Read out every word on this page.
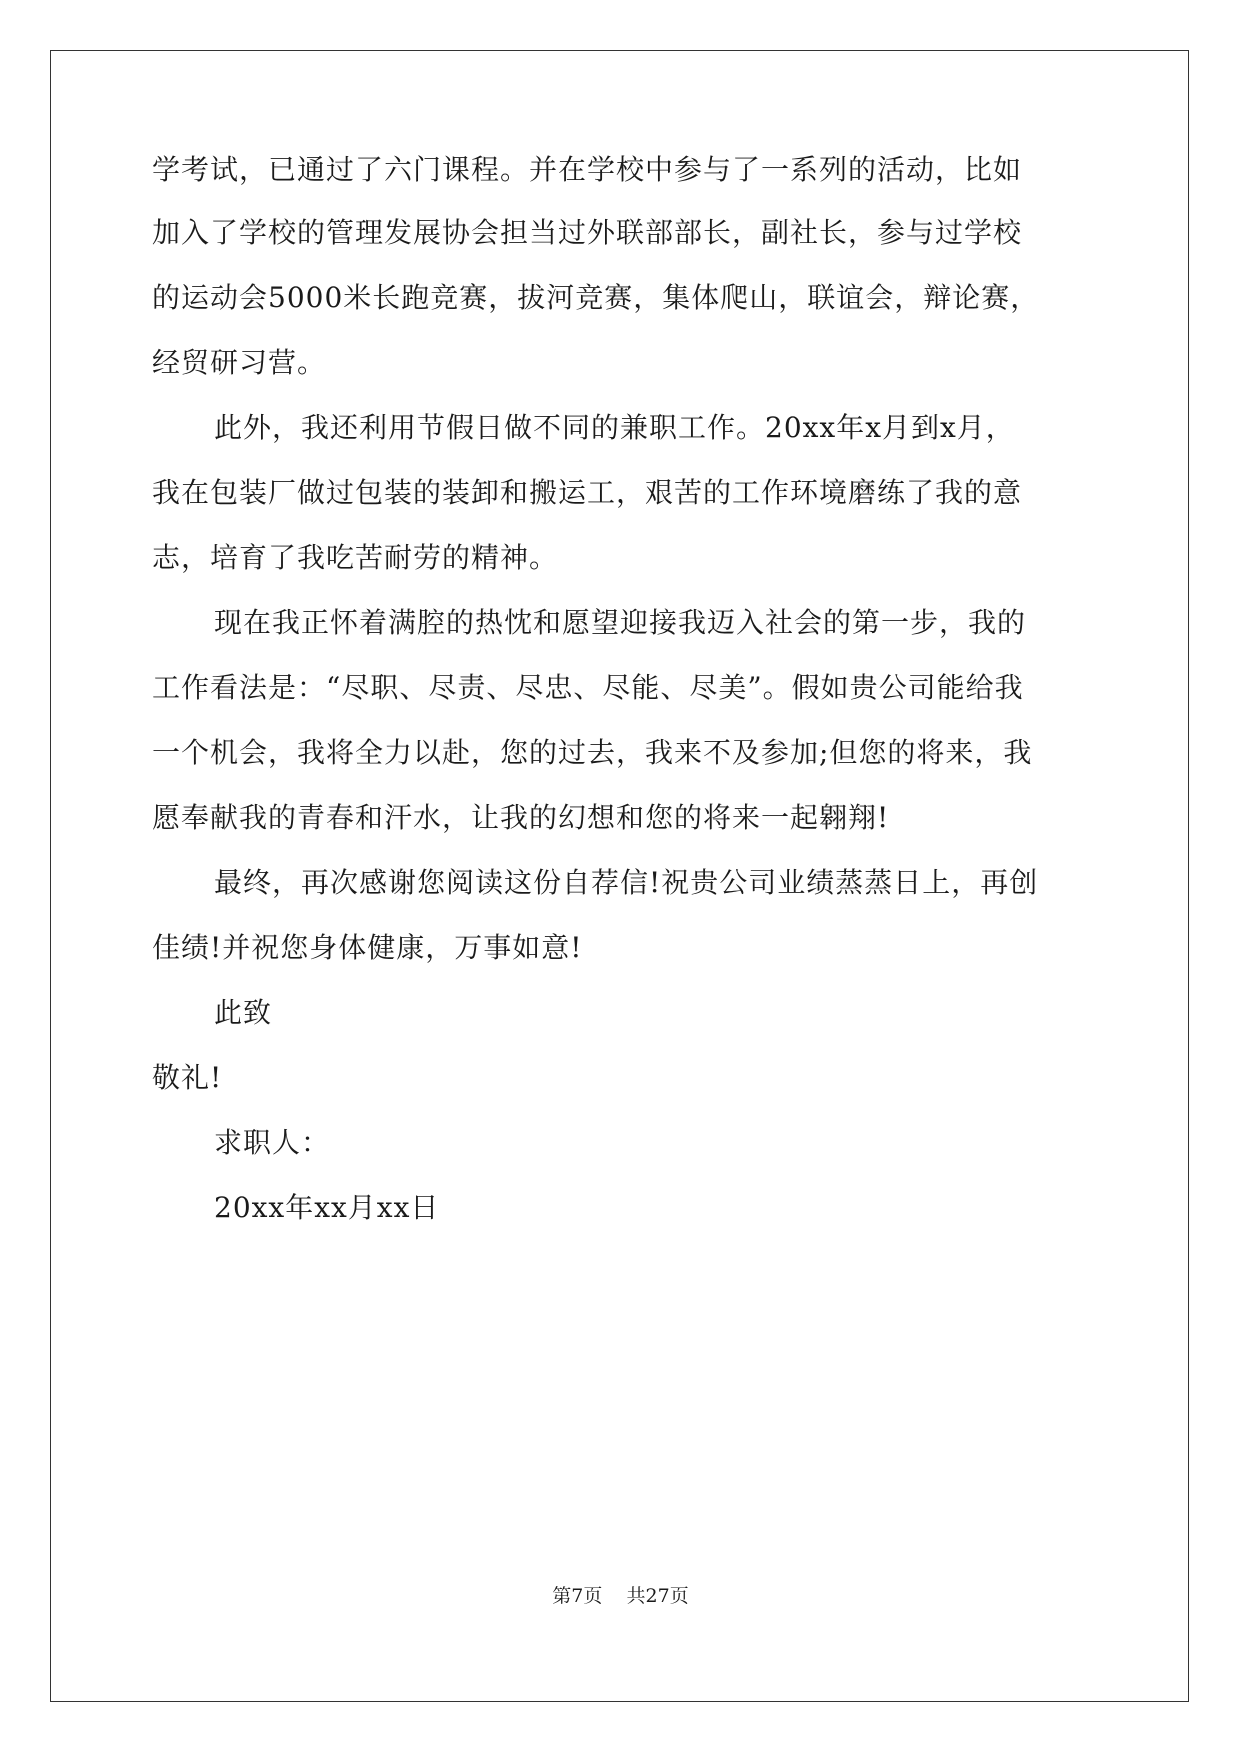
学考试，已通过了六门课程。并在学校中参与了一系列的活动，比如
加入了学校的管理发展协会担当过外联部部长，副社长，参与过学校
的运动会5000米长跑竞赛，拔河竞赛，集体爬山，联谊会，辩论赛，
经贸研习营。
此外，我还利用节假日做不同的兼职工作。20xx年x月到x月，
我在包装厂做过包装的装卸和搬运工，艰苦的工作环境磨练了我的意
志，培育了我吃苦耐劳的精神。
现在我正怀着满腔的热忱和愿望迎接我迈入社会的第一步，我的
工作看法是：“尽职、尽责、尽忠、尽能、尽美”。假如贵公司能给我
一个机会，我将全力以赴，您的过去，我来不及参加;但您的将来，我
愿奉献我的青春和汗水，让我的幻想和您的将来一起翱翔!
最终，再次感谢您阅读这份自荐信!祝贵公司业绩蒸蒸日上，再创
佳绩!并祝您身体健康，万事如意!
此致
敬礼!
求职人：
20xx年xx月xx日
第7页    共27页
